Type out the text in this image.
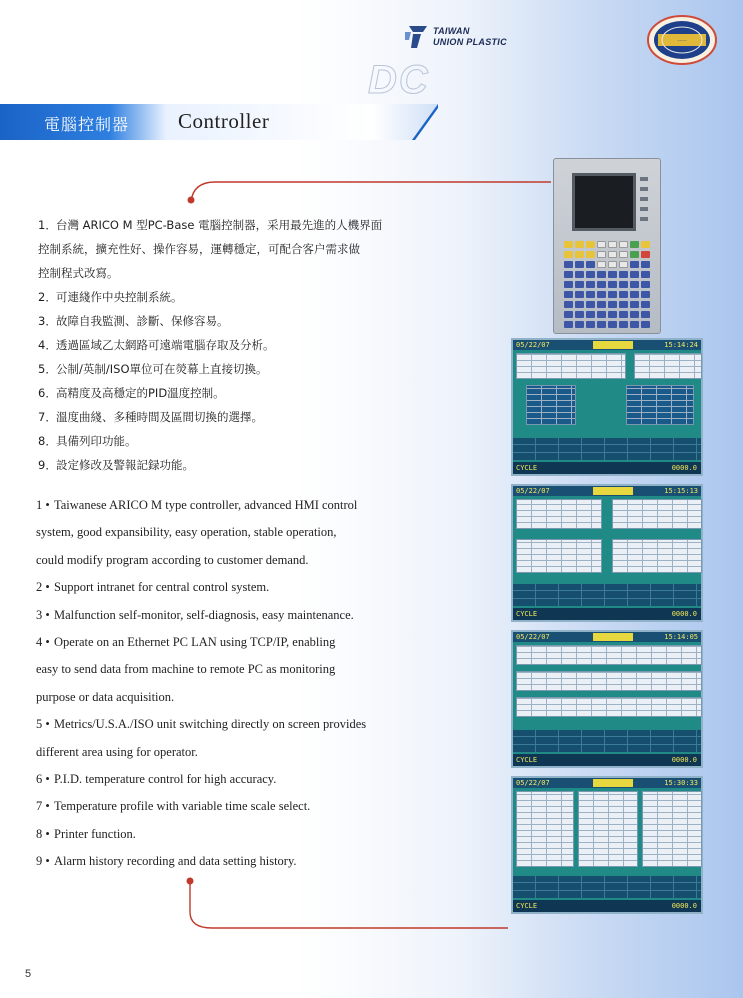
TAIWAN
UNION PLASTIC	·····
DC
電腦控制器 Controller
1．台灣 ARICO M 型PC-Base 電腦控制器，采用最先進的人機界面
控制系統，擴充性好、操作容易，運轉穩定，可配合客户需求做
控制程式改寫。
2．可連綫作中央控制系統。
3．故障自我監測、診斷、保修容易。
4．透過區域乙太網路可遠端電腦存取及分析。
5．公制/英制/ISO單位可在熒幕上直接切換。
6．高精度及高穩定的PID溫度控制。
7．溫度曲綫、多種時間及區間切換的選擇。
8．具備列印功能。
9．設定修改及警報記録功能。
1 • Taiwanese ARICO M type controller, advanced HMI control
system, good expansibility, easy operation, stable operation,
could modify program according to customer demand.
2 • Support intranet for central control system.
3 • Malfunction self-monitor, self-diagnosis, easy maintenance.
4 • Operate on an Ethernet PC LAN using TCP/IP, enabling
easy to send data from machine to remote PC as monitoring
purpose or data acquisition.
5 • Metrics/U.S.A./ISO unit switching directly on screen provides
different area using for operator.
6 • P.I.D. temperature control for high accuracy.
7 • Temperature profile with variable time scale select.
8 • Printer function.
9 • Alarm history recording and data setting history.
05/22/07	15:14:24
CYCLE	0000.0
05/22/07	15:15:13
CYCLE	0000.0
05/22/07	15:14:05
CYCLE	0000.0
05/22/07	15:30:33
CYCLE	0000.0
5
